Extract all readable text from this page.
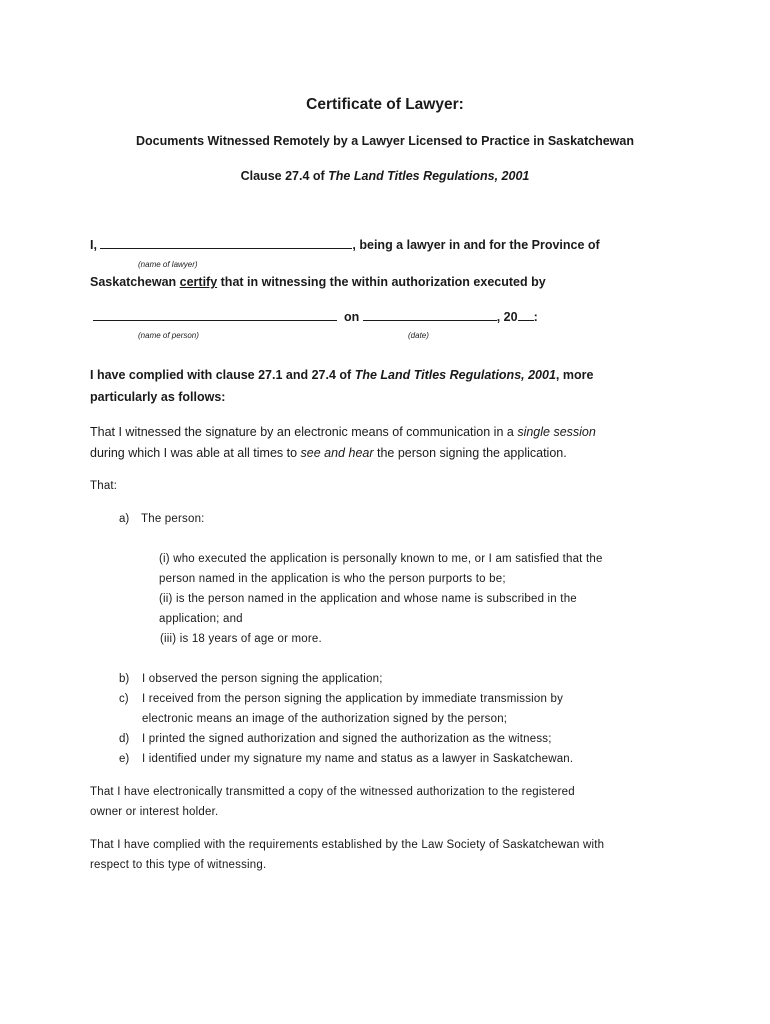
Certificate of Lawyer:
Documents Witnessed Remotely by a Lawyer Licensed to Practice in Saskatchewan
Clause 27.4 of The Land Titles Regulations, 2001
I,	, being a lawyer in and for the Province of
(name of lawyer)
Saskatchewan certify that in witnessing the within authorization executed by
on	, 20 :
(name of person)	(date)
I have complied with clause 27.1 and 27.4 of The Land Titles Regulations, 2001, more
particularly as follows:
That I witnessed the signature by an electronic means of communication in a single session
during which I was able at all times to see and hear the person signing the application.
That:
a) The person:
(i) who executed the application is personally known to me, or I am satisfied that the
person named in the application is who the person purports to be;
(ii) is the person named in the application and whose name is subscribed in the
application; and
(iii) is 18 years of age or more.
b) I observed the person signing the application;
c) I received from the person signing the application by immediate transmission by
electronic means an image of the authorization signed by the person;
d) I printed the signed authorization and signed the authorization as the witness;
e) I identified under my signature my name and status as a lawyer in Saskatchewan.
That I have electronically transmitted a copy of the witnessed authorization to the registered
owner or interest holder.
That I have complied with the requirements established by the Law Society of Saskatchewan with
respect to this type of witnessing.
